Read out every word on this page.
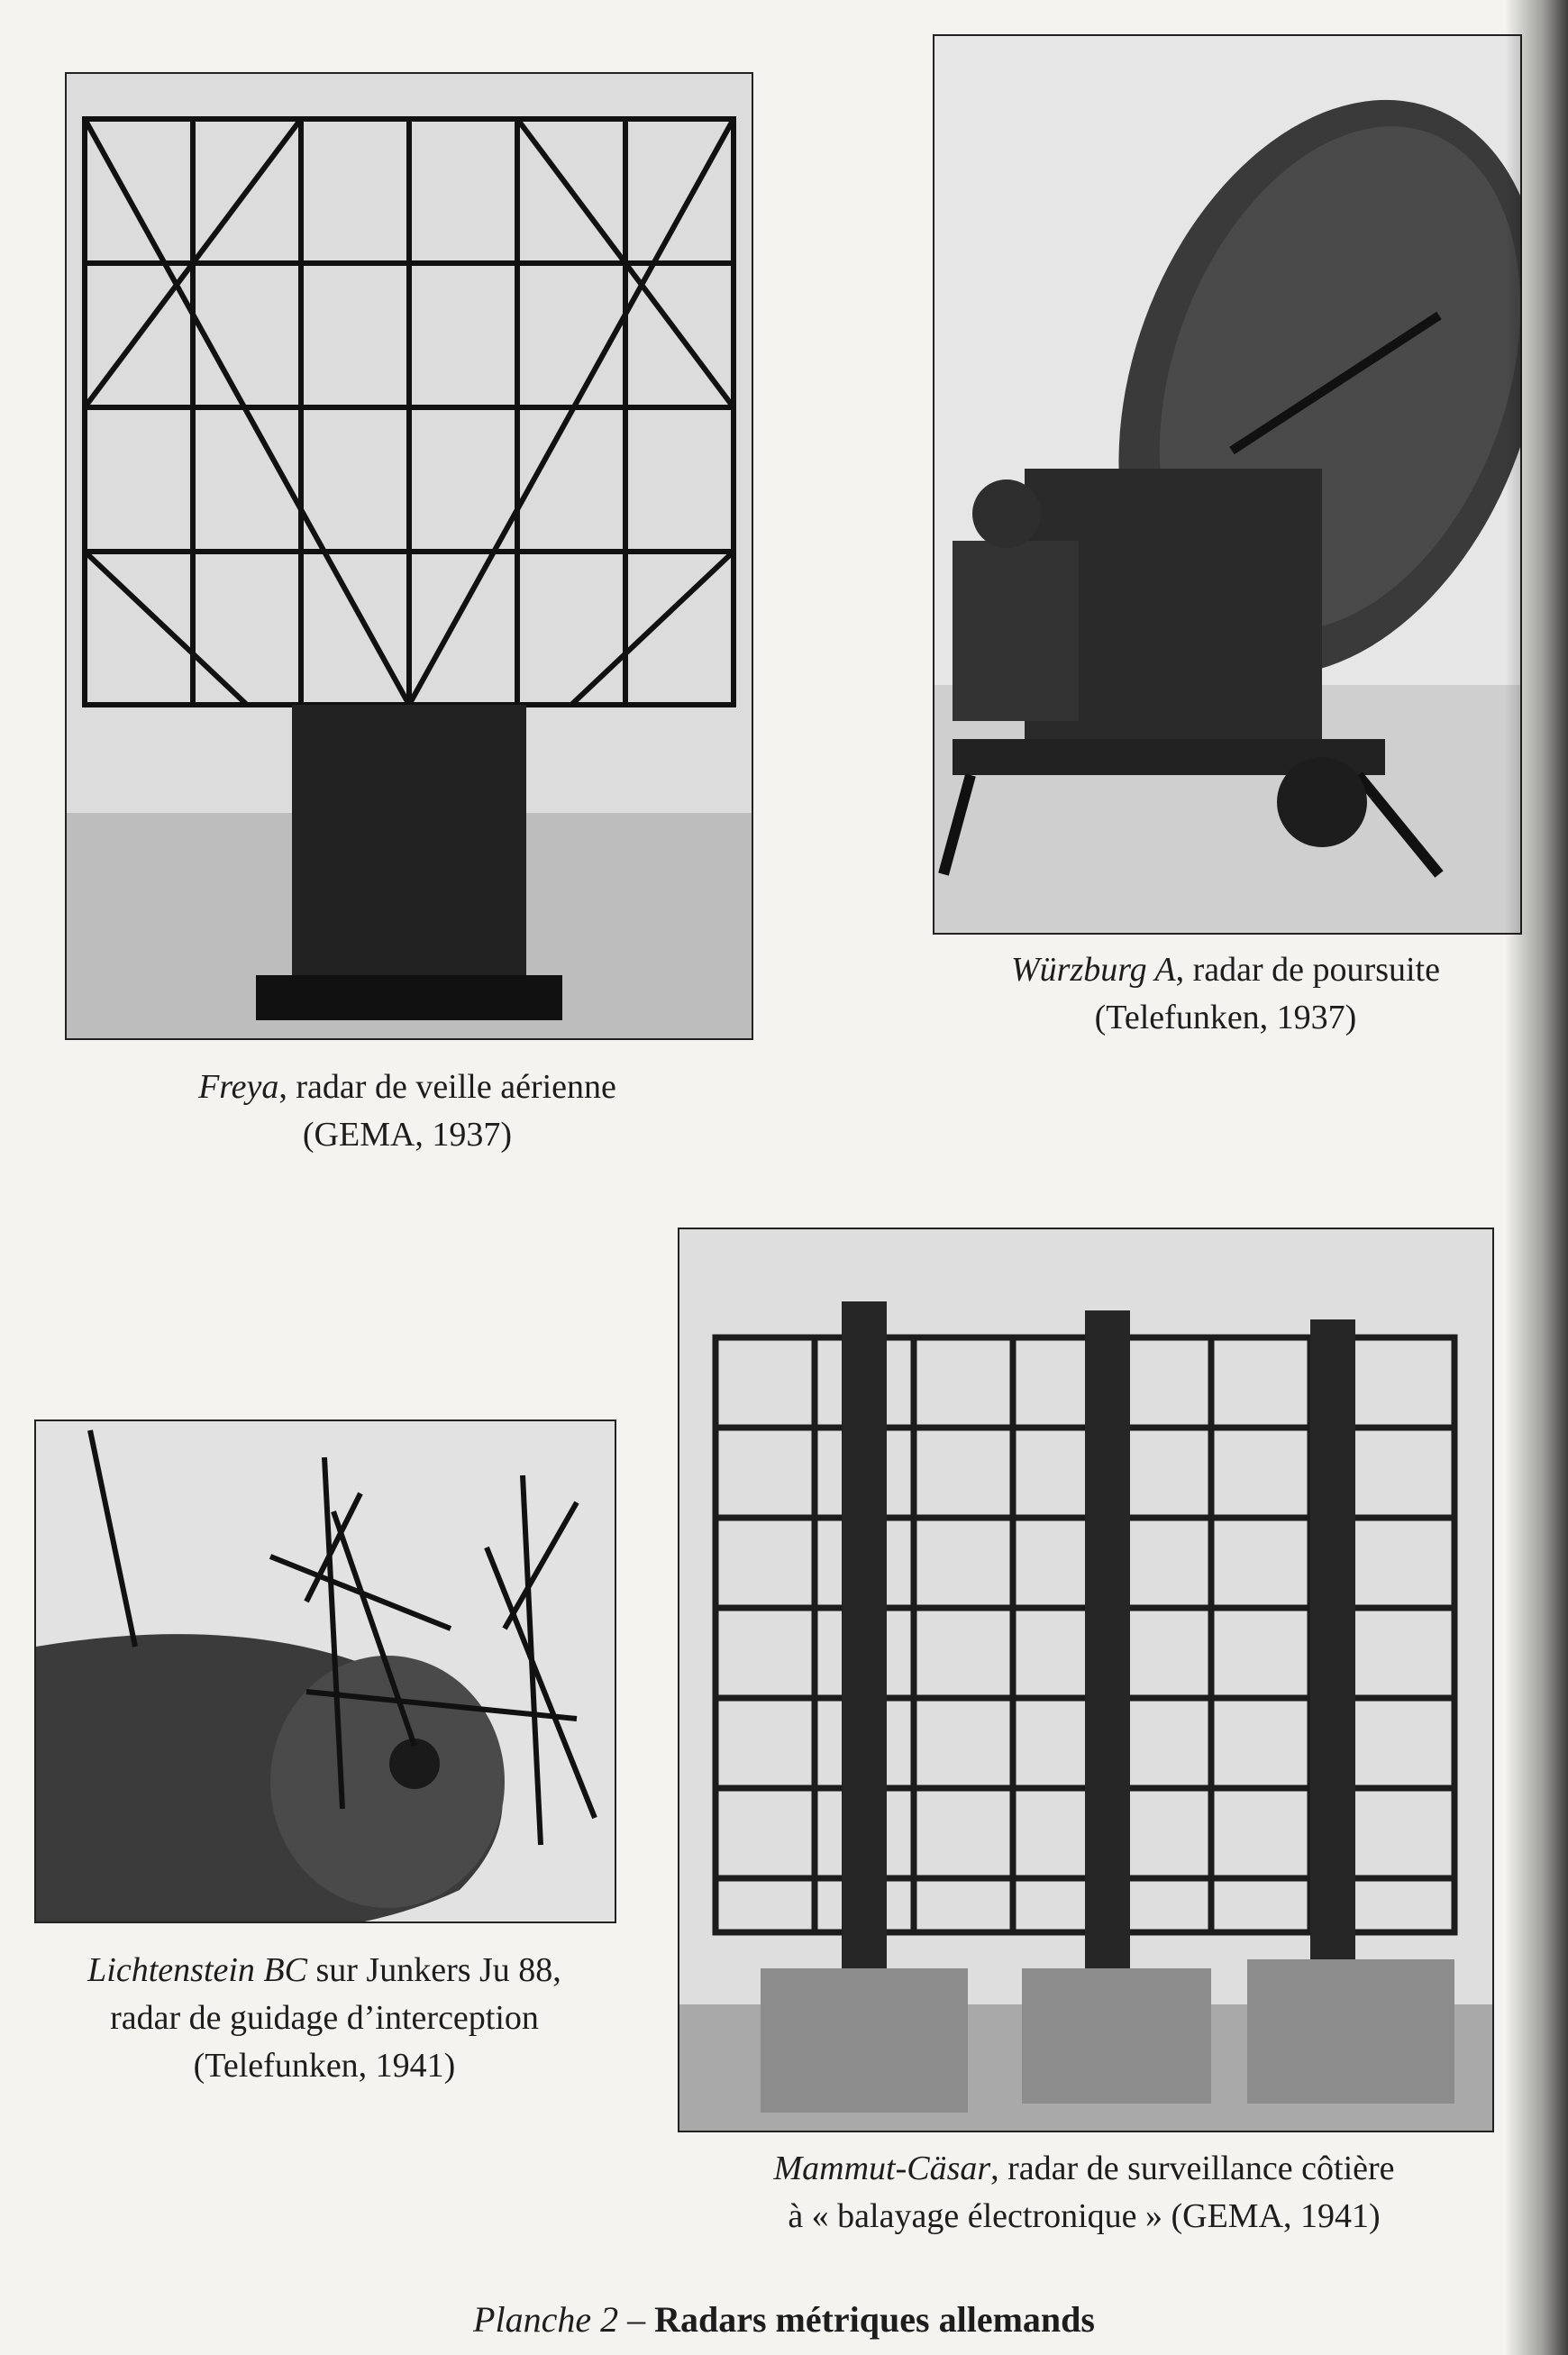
Freya, radar de veille aérienne
(GEMA, 1937)
Würzburg A, radar de poursuite
(Telefunken, 1937)
Lichtenstein BC sur Junkers Ju 88,
radar de guidage d’interception
(Telefunken, 1941)
Mammut-Cäsar, radar de surveillance côtière
à « balayage électronique » (GEMA, 1941)
Planche 2 – Radars métriques allemands
